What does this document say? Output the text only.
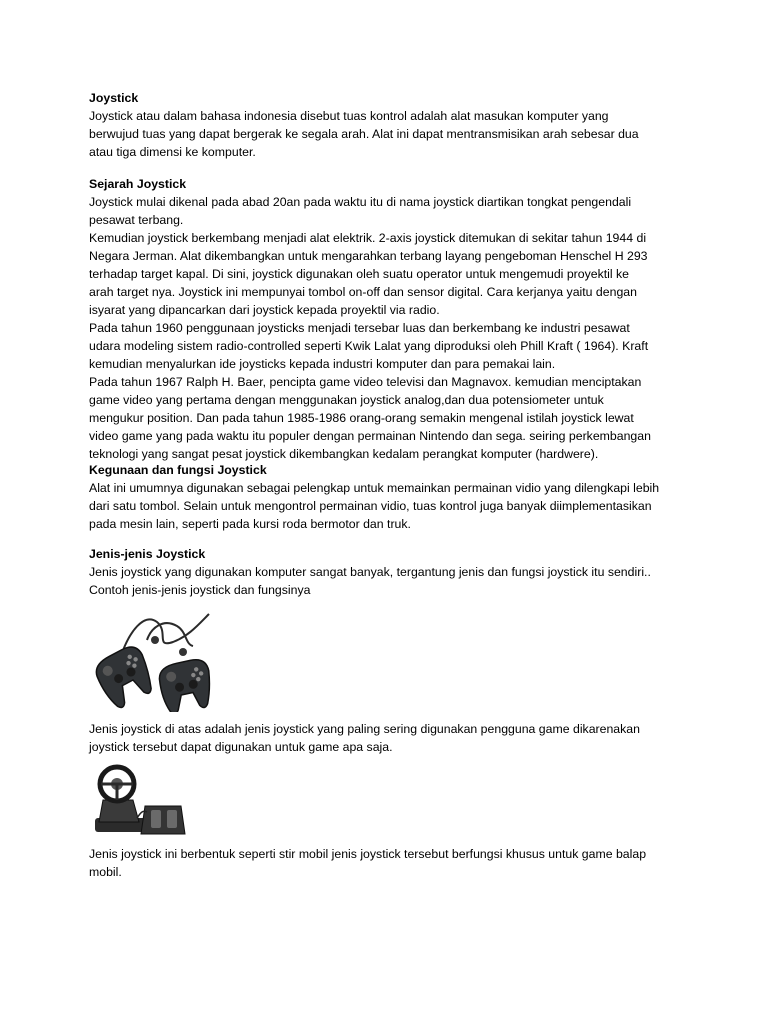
Joystick
Joystick atau dalam bahasa indonesia disebut tuas kontrol adalah alat masukan komputer yang
berwujud tuas yang dapat bergerak ke segala arah. Alat ini dapat mentransmisikan arah sebesar dua
atau tiga dimensi ke komputer.
Sejarah Joystick
Joystick mulai dikenal pada abad 20an pada waktu itu di nama joystick diartikan tongkat pengendali
pesawat terbang.
Kemudian joystick berkembang menjadi alat elektrik. 2-axis joystick ditemukan di sekitar tahun 1944 di
Negara Jerman. Alat dikembangkan untuk mengarahkan terbang layang pengeboman Henschel H 293
terhadap target kapal. Di sini, joystick digunakan oleh suatu operator untuk mengemudi proyektil ke
arah target nya. Joystick ini mempunyai tombol on-off dan sensor digital. Cara kerjanya yaitu dengan
isyarat yang dipancarkan dari joystick kepada proyektil via radio.
Pada tahun 1960 penggunaan joysticks menjadi tersebar luas dan berkembang ke industri pesawat
udara modeling sistem radio-controlled seperti Kwik Lalat yang diproduksi oleh Phill Kraft ( 1964). Kraft
kemudian menyalurkan ide joysticks kepada industri komputer dan para pemakai lain.
Pada tahun 1967 Ralph H. Baer, pencipta game video televisi dan Magnavox. kemudian menciptakan
game video yang pertama dengan menggunakan joystick analog,dan dua potensiometer untuk
mengukur position. Dan pada tahun 1985-1986 orang-orang semakin mengenal istilah joystick lewat
video game yang pada waktu itu populer dengan permainan Nintendo dan sega. seiring perkembangan
teknologi yang sangat pesat joystick dikembangkan kedalam perangkat komputer (hardwere).
Kegunaan dan fungsi Joystick
Alat ini umumnya digunakan sebagai pelengkap untuk memainkan permainan vidio yang dilengkapi lebih
dari satu tombol. Selain untuk mengontrol permainan vidio, tuas kontrol juga banyak diimplementasikan
pada mesin lain, seperti pada kursi roda bermotor dan truk.
Jenis-jenis Joystick
Jenis joystick yang digunakan komputer sangat banyak, tergantung jenis dan fungsi joystick itu sendiri..
Contoh jenis-jenis joystick dan fungsinya
Jenis joystick di atas adalah jenis joystick yang paling sering digunakan pengguna game dikarenakan
joystick tersebut dapat digunakan untuk game apa saja.
Jenis joystick ini berbentuk seperti stir mobil jenis joystick tersebut berfungsi khusus untuk game balap
mobil.
